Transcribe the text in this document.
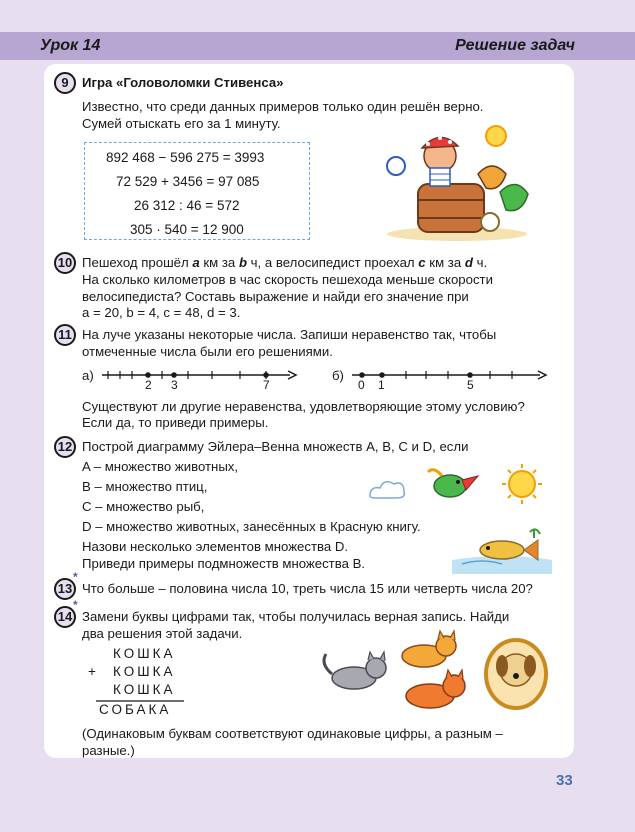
Урок 14	Решение задач
9	Игра «Головоломки Стивенса»
Известно, что среди данных примеров только один решён верно.
Сумей отыскать его за 1 минуту.
892 468 − 596 275 = 3993
72 529 + 3456 = 97 085
26 312 : 46 = 572
305 · 540 = 12 900
10 Пешеход прошёл a км за b ч, а велосипедист проехал c км за d ч.
На сколько километров в час скорость пешехода меньше скорости
велосипедиста? Составь выражение и найди его значение при
a = 20, b = 4, c = 48, d = 3.
11 На луче указаны некоторые числа. Запиши неравенство так, чтобы
отмеченные числа были его решениями.
а)
2 3	7
б)
0 1	5
Существуют ли другие неравенства, удовлетворяющие этому условию?
Если да, то приведи примеры.
12 Построй диаграмму Эйлера–Венна множеств A, B, C и D, если
A – множество животных,
B – множество птиц,
C – множество рыб,
D – множество животных, занесённых в Красную книгу.
Назови несколько элементов множества D.
Приведи примеры подмножеств множества B.
13
*
Что больше – половина числа 10, треть числа 15 или четверть числа 20?
14
*
Замени буквы цифрами так, чтобы получилась верная запись. Найди
два решения этой задачи.
КОШКА
+ КОШКА
КОШКА
СОБАКА
(Одинаковым буквам соответствуют одинаковые цифры, а разным –
разные.)
33
